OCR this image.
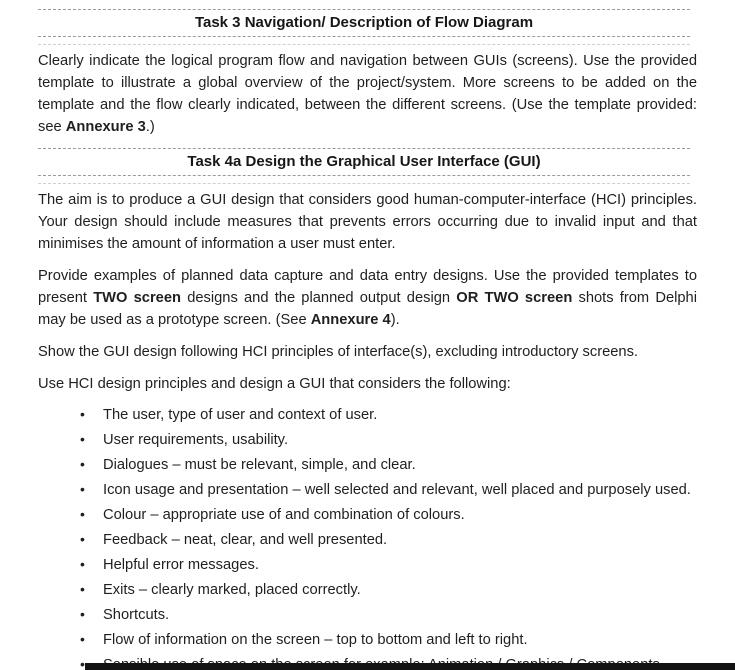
Task 3 Navigation/ Description of Flow Diagram

Clearly indicate the logical program flow and navigation between GUIs (screens). Use the provided template to illustrate a global overview of the project/system. More screens to be added on the template and the flow clearly indicated, between the different screens. (Use the template provided: see Annexure 3.)

Task 4a Design the Graphical User Interface (GUI)

The aim is to produce a GUI design that considers good human-computer-interface (HCI) principles. Your design should include measures that prevents errors occurring due to invalid input and that minimises the amount of information a user must enter.

Provide examples of planned data capture and data entry designs. Use the provided templates to present TWO screen designs and the planned output design OR TWO screen shots from Delphi may be used as a prototype screen. (See Annexure 4).

Show the GUI design following HCI principles of interface(s), excluding introductory screens.

Use HCI design principles and design a GUI that considers the following:

• The user, type of user and context of user.
• User requirements, usability.
• Dialogues – must be relevant, simple, and clear.
• Icon usage and presentation – well selected and relevant, well placed and purposely used.
• Colour – appropriate use of and combination of colours.
• Feedback – neat, clear, and well presented.
• Helpful error messages.
• Exits – clearly marked, placed correctly.
• Shortcuts.
• Flow of information on the screen – top to bottom and left to right.
•
